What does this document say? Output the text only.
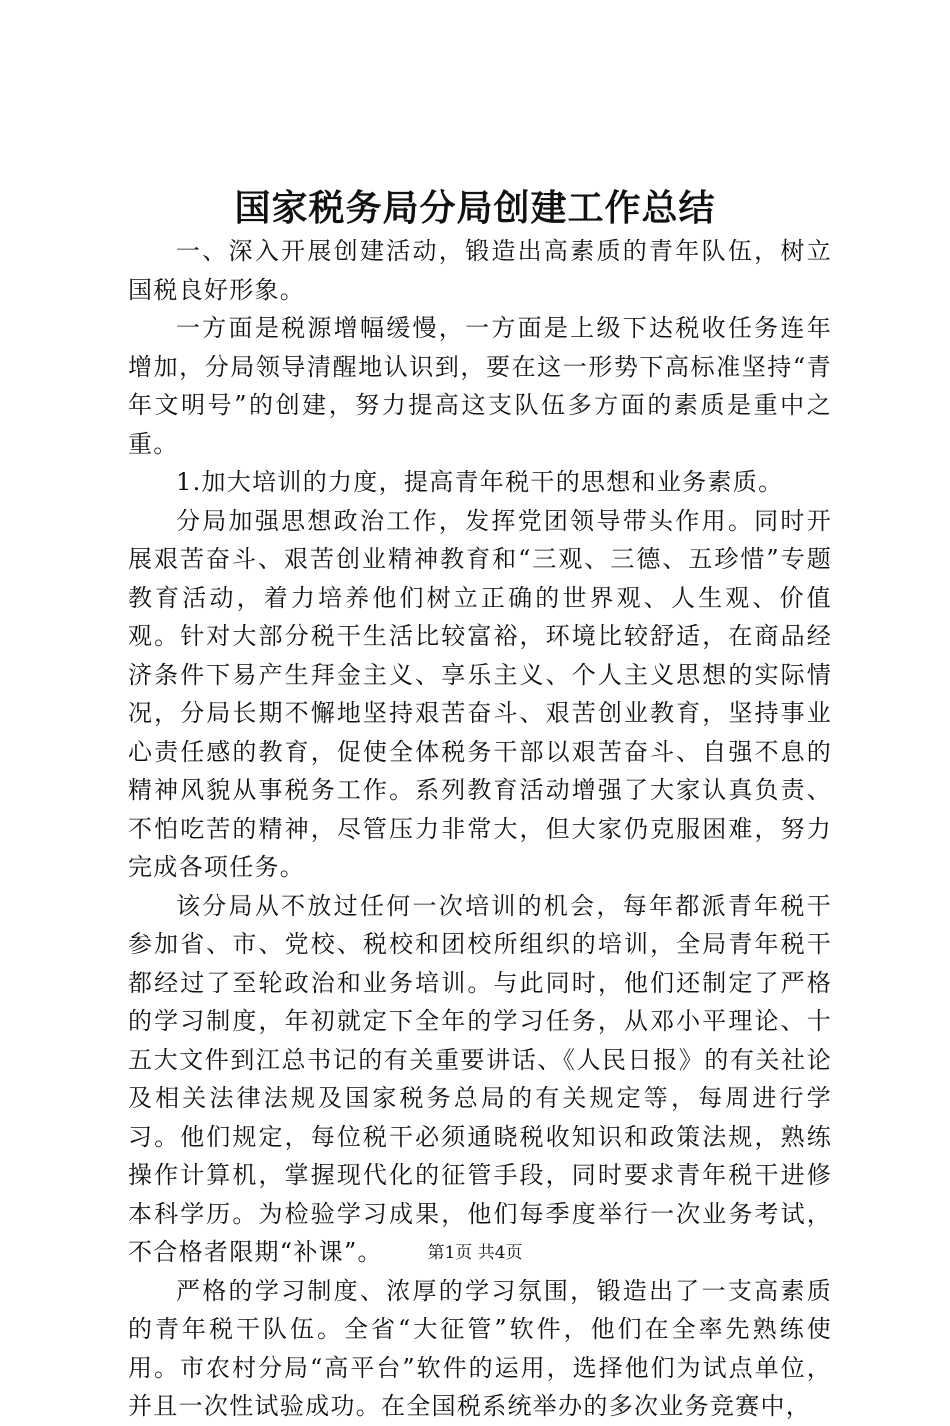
国家税务局分局创建工作总结

一、深入开展创建活动，锻造出高素质的青年队伍，树立国税良好形象。

一方面是税源增幅缓慢，一方面是上级下达税收任务连年增加，分局领导清醒地认识到，要在这一形势下高标准坚持“青年文明号”的创建，努力提高这支队伍多方面的素质是重中之重。

1.加大培训的力度，提高青年税干的思想和业务素质。

分局加强思想政治工作，发挥党团领导带头作用。同时开展艰苦奋斗、艰苦创业精神教育和“三观、三德、五珍惜”专题教育活动，着力培养他们树立正确的世界观、人生观、价值观。针对大部分税干生活比较富裕，环境比较舒适，在商品经济条件下易产生拜金主义、享乐主义、个人主义思想的实际情况，分局长期不懈地坚持艰苦奋斗、艰苦创业教育，坚持事业心责任感的教育，促使全体税务干部以艰苦奋斗、自强不息的精神风貌从事税务工作。系列教育活动增强了大家认真负责、不怕吃苦的精神，尽管压力非常大，但大家仍克服困难，努力完成各项任务。

该分局从不放过任何一次培训的机会，每年都派青年税干参加省、市、党校、税校和团校所组织的培训，全局青年税干都经过了至轮政治和业务培训。与此同时，他们还制定了严格的学习制度，年初就定下全年的学习任务，从邓小平理论、十五大文件到江总书记的有关重要讲话、《人民日报》的有关社论及相关法律法规及国家税务总局的有关规定等，每周进行学习。他们规定，每位税干必须通晓税收知识和政策法规，熟练操作计算机，掌握现代化的征管手段，同时要求青年税干进修本科学历。为检验学习成果，他们每季度举行一次业务考试，不合格者限期“补课”。

严格的学习制度、浓厚的学习氛围，锻造出了一支高素质的青年税干队伍。全省“大征管”软件，他们在全率先熟练使用。市农村分局“高平台”软件的运用，选择他们为试点单位，并且一次性试验成功。在全国税系统举办的多次业务竞赛中，

第1页 共4页
